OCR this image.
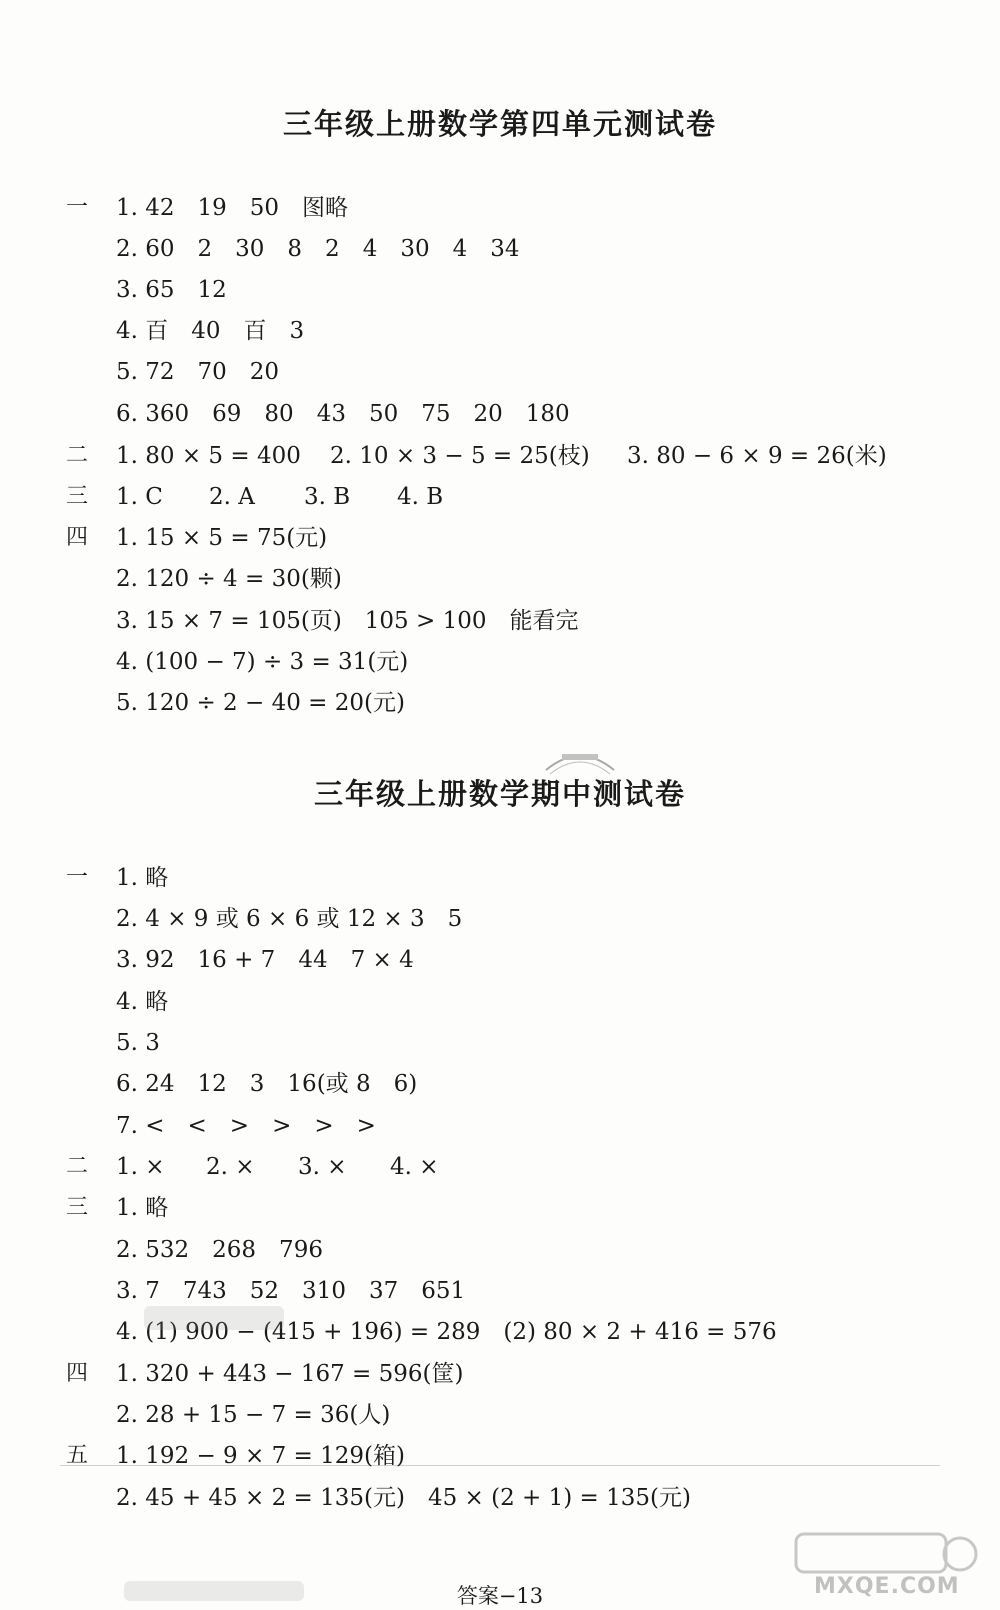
三年级上册数学第四单元测试卷
一	1. 42　19　50　图略
2. 60　2　30　8　2　4　30　4　34
3. 65　12
4. 百　40　百　3
5. 72　70　20
6. 360　69　80　43　50　75　20　180
二	1. 80 × 5 = 400 2. 10 × 3 − 5 = 25(枝) 3. 80 − 6 × 9 = 26(米)
三	1. C 2. A 3. B 4. B
四	1. 15 × 5 = 75(元)
2. 120 ÷ 4 = 30(颗)
3. 15 × 7 = 105(页)　105 > 100　能看完
4. (100 − 7) ÷ 3 = 31(元)
5. 120 ÷ 2 − 40 = 20(元)
三年级上册数学期中测试卷
一	1. 略
2. 4 × 9 或 6 × 6 或 12 × 3　5
3. 92　16 + 7　44　7 × 4
4. 略
5. 3
6. 24　12　3　16(或 8　6)
7. <　<　>　>　>　>
二	1. × 2. × 3. × 4. ×
三	1. 略
2. 532　268　796
3. 7　743　52　310　37　651
4. (1) 900 − (415 + 196) = 289　(2) 80 × 2 + 416 = 576
四	1. 320 + 443 − 167 = 596(筐)
2. 28 + 15 − 7 = 36(人)
五	1. 192 − 9 × 7 = 129(箱)
2. 45 + 45 × 2 = 135(元)　45 × (2 + 1) = 135(元)
MXQE.COM
答案−13
